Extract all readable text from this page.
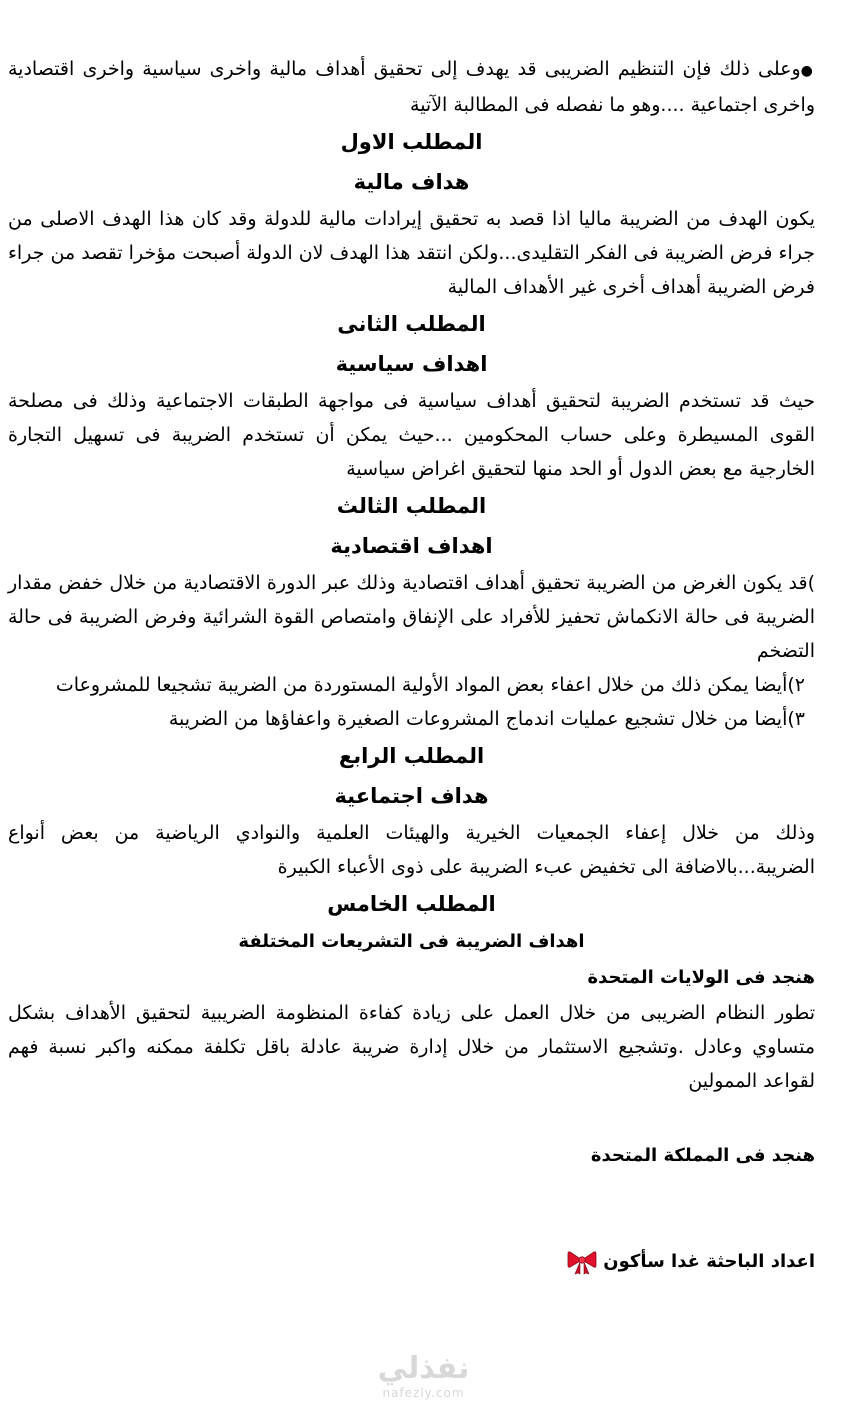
●وعلى ذلك فإن التنظيم الضريبى قد يهدف إلى تحقيق أهداف مالية واخرى سياسية واخرى اقتصادية واخرى اجتماعية ....وهو ما نفصله فى المطالبة الآتية

المطلب الاول
هداف مالية

يكون الهدف من الضريبة ماليا اذا قصد به تحقيق إيرادات مالية للدولة وقد كان هذا الهدف الاصلى من جراء فرض الضريبة فى الفكر التقليدى...ولكن انتقد هذا الهدف لان الدولة أصبحت مؤخرا تقصد من جراء فرض الضريبة أهداف أخرى غير الأهداف المالية

المطلب الثانى
اهداف سياسية

حيث قد تستخدم الضريبة لتحقيق أهداف سياسية فى مواجهة الطبقات الاجتماعية وذلك فى مصلحة القوى المسيطرة وعلى حساب المحكومين ...حيث يمكن أن تستخدم الضريبة فى تسهيل التجارة الخارجية مع بعض الدول أو الحد منها لتحقيق اغراض سياسية

المطلب الثالث
اهداف اقتصادية

)قد يكون الغرض من الضريبة تحقيق أهداف اقتصادية وذلك عبر الدورة الاقتصادية من خلال خفض مقدار الضريبة فى حالة الانكماش تحفيز للأفراد على الإنفاق وامتصاص القوة الشرائية وفرض الضريبة فى حالة التضخم

٢)أيضا يمكن ذلك من خلال اعفاء بعض المواد الأولية المستوردة من الضريبة تشجيعا للمشروعات

٣)أيضا من خلال تشجيع عمليات اندماج المشروعات الصغيرة واعفاؤها من الضريبة

المطلب الرابع
هداف اجتماعية

وذلك من خلال إعفاء الجمعيات الخيرية والهيئات العلمية والنوادي الرياضية من بعض أنواع الضريبة...بالاضافة الى تخفيض عبء الضريبة على ذوى الأعباء الكبيرة

المطلب الخامس
اهداف الضريبة فى التشريعات المختلفة

هنجد فى الولايات المتحدة

تطور النظام الضريبى من خلال العمل على زيادة كفاءة المنظومة الضريبية لتحقيق الأهداف بشكل متساوي وعادل .وتشجيع الاستثمار من خلال إدارة ضريبة عادلة باقل تكلفة ممكنه واكبر نسبة فهم لقواعد الممولين

هنجد فى المملكة المتحدة

اعداد الباحثة غدا سأكون

نفذلي
nafezly.com
